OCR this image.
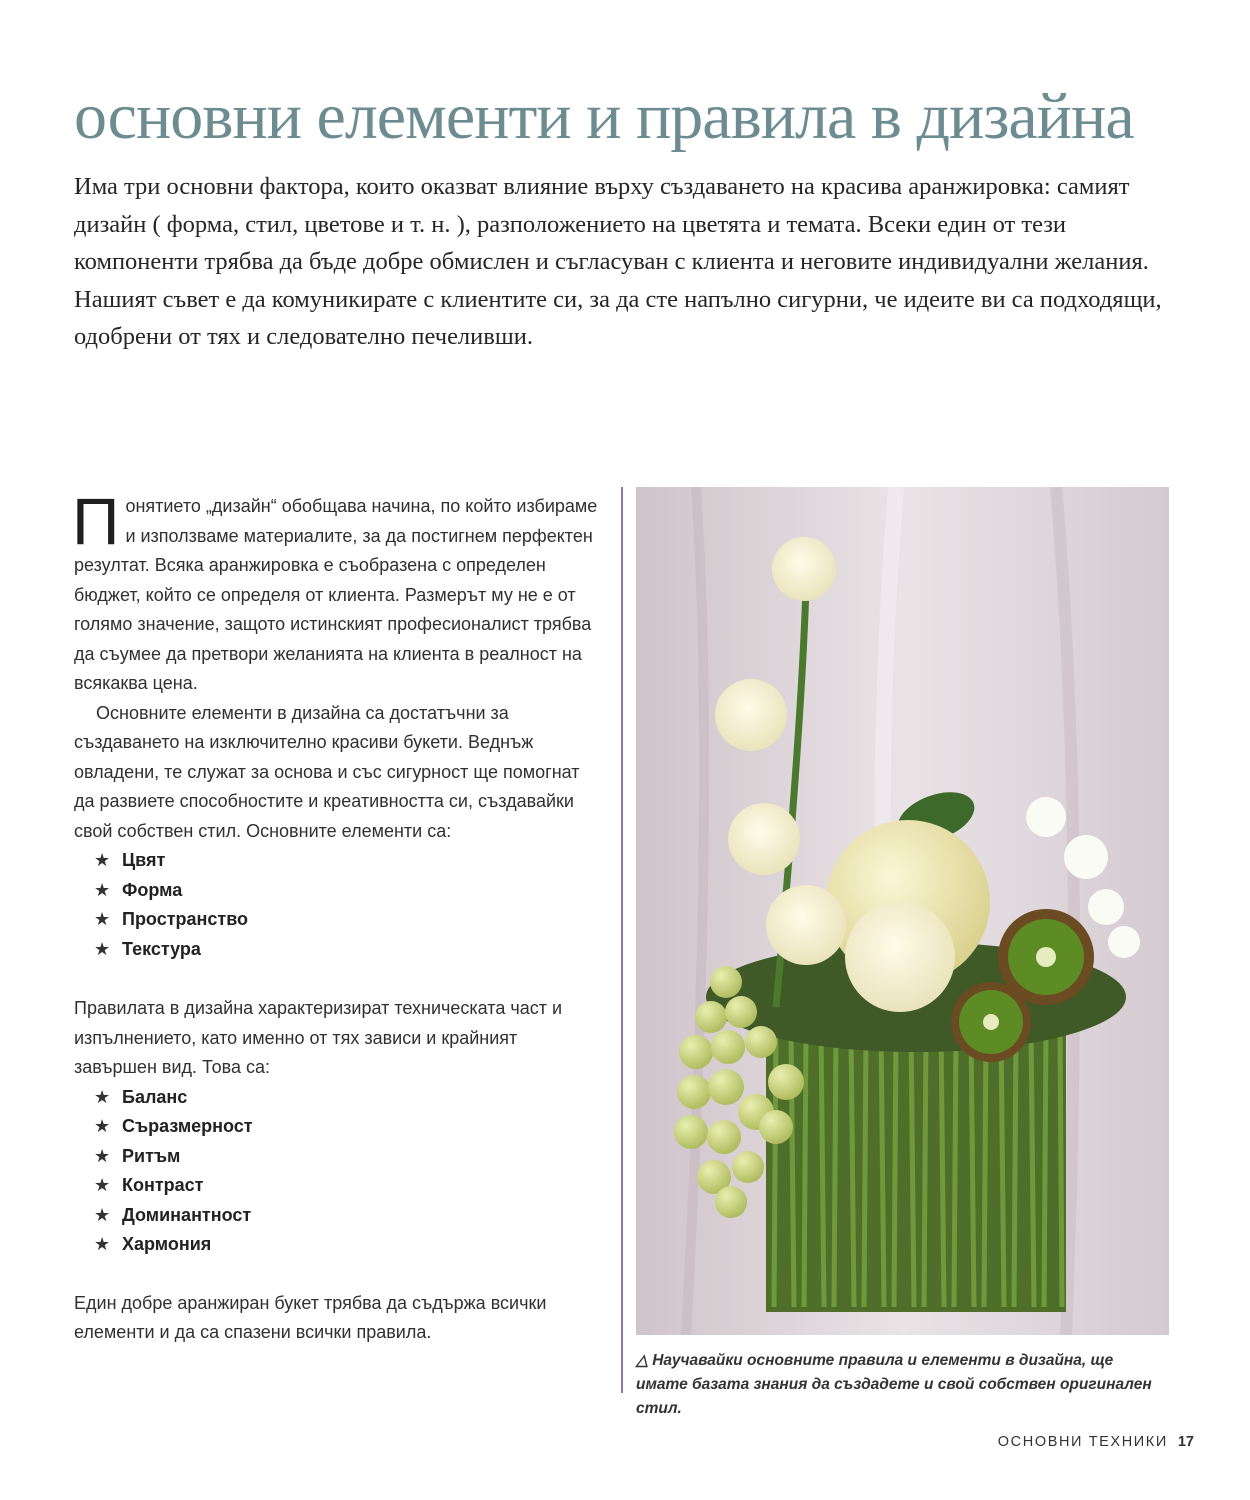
основни елементи и правила в дизайна
Има три основни фактора, които оказват влияние върху създаването на красива аранжировка: самият дизайн ( форма, стил, цветове и т. н. ), разположението на цветята и темата. Всеки един от тези компоненти трябва да бъде добре обмислен и съгласуван с клиента и неговите индивидуални желания. Нашият съвет е да комуникирате с клиентите си, за да сте напълно сигурни, че идеите ви са подходящи, одобрени от тях и следователно печеливши.

Понятието „дизайн“ обобщава начина, по който избираме и използваме материалите, за да постигнем перфектен резултат. Всяка аранжировка е съобразена с определен бюджет, който се определя от клиента. Размерът му не е от голямо значение, защото истинският професионалист трябва да съумее да претвори желанията на клиента в реалност на всякаква цена.

Основните елементи в дизайна са достатъчни за създаването на изключително красиви букети. Веднъж овладени, те служат за основа и със сигурност ще помогнат да развиете способностите и креативността си, създавайки свой собствен стил. Основните елементи са:

★ Цвят
★ Форма
★ Пространство
★ Текстура

Правилата в дизайна характеризират техническата част и изпълнението, като именно от тях зависи и крайният завършен вид. Това са:

★ Баланс
★ Съразмерност
★ Ритъм
★ Контраст
★ Доминантност
★ Хармония

Един добре аранжиран букет трябва да съдържа всички елементи и да са спазени всички правила.

△ Научавайки основните правила и елементи в дизайна, ще имате базата знания да създадете и свой собствен оригинален стил.
ОСНОВНИ ТЕХНИКИ 17
